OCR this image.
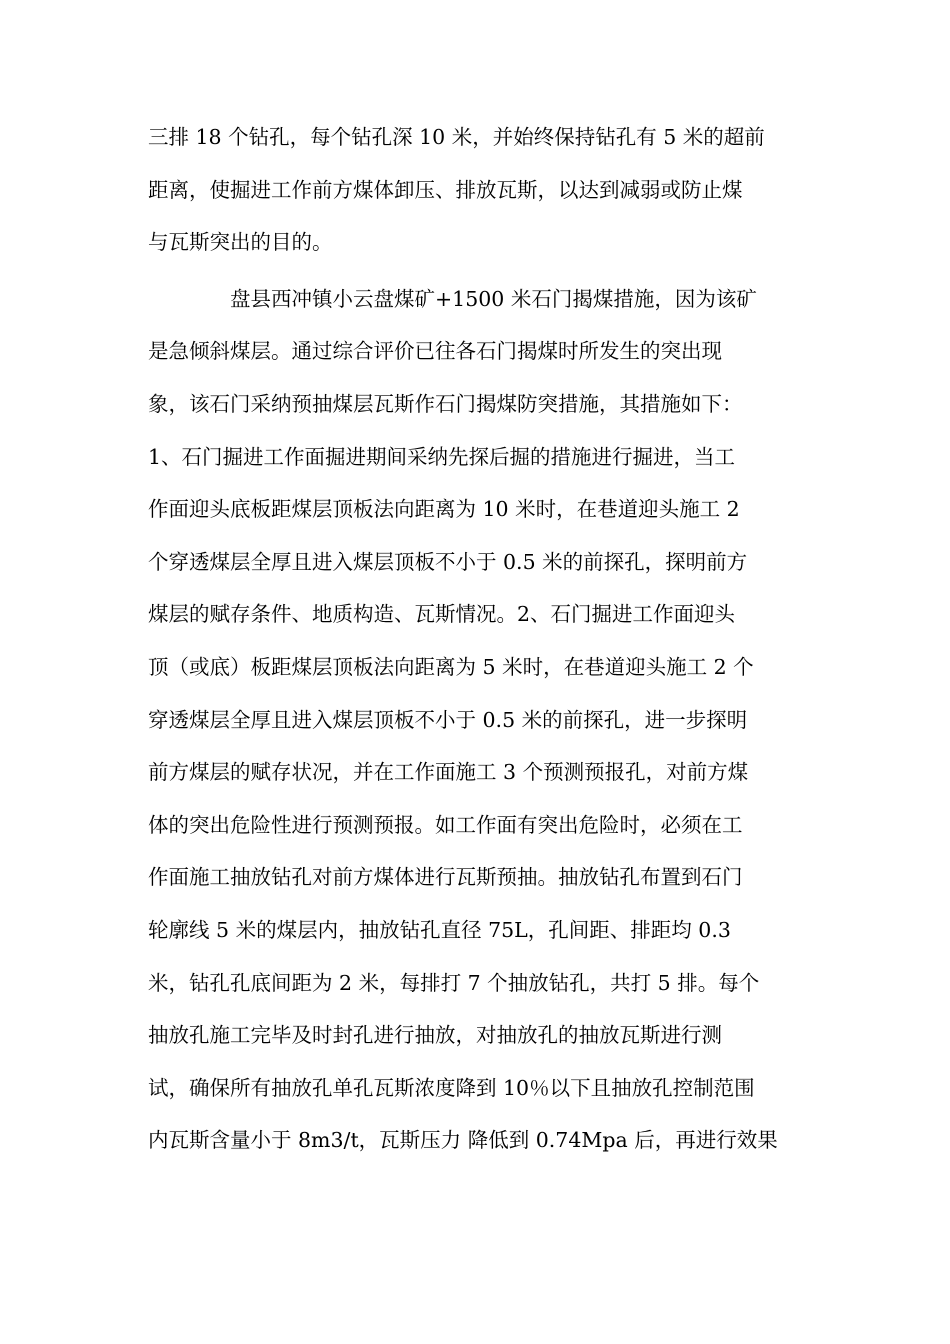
三排 18 个钻孔，每个钻孔深 10 米，并始终保持钻孔有 5 米的超前
距离，使掘进工作前方煤体卸压、排放瓦斯，以达到减弱或防止煤
与瓦斯突出的目的。
盘县西冲镇小云盘煤矿+1500 米石门揭煤措施，因为该矿
是急倾斜煤层。通过综合评价已往各石门揭煤时所发生的突出现
象，该石门采纳预抽煤层瓦斯作石门揭煤防突措施，其措施如下：
1、石门掘进工作面掘进期间采纳先探后掘的措施进行掘进，当工
作面迎头底板距煤层顶板法向距离为 10 米时，在巷道迎头施工 2
个穿透煤层全厚且进入煤层顶板不小于 0.5 米的前探孔，探明前方
煤层的赋存条件、地质构造、瓦斯情况。2、石门掘进工作面迎头
顶（或底）板距煤层顶板法向距离为 5 米时，在巷道迎头施工 2 个
穿透煤层全厚且进入煤层顶板不小于 0.5 米的前探孔，进一步探明
前方煤层的赋存状况，并在工作面施工 3 个预测预报孔，对前方煤
体的突出危险性进行预测预报。如工作面有突出危险时，必须在工
作面施工抽放钻孔对前方煤体进行瓦斯预抽。抽放钻孔布置到石门
轮廓线 5 米的煤层内，抽放钻孔直径 75L，孔间距、排距均 0.3
米，钻孔孔底间距为 2 米，每排打 7 个抽放钻孔，共打 5 排。每个
抽放孔施工完毕及时封孔进行抽放，对抽放孔的抽放瓦斯进行测
试，确保所有抽放孔单孔瓦斯浓度降到 10％以下且抽放孔控制范围
内瓦斯含量小于 8m3/t，瓦斯压力 降低到 0.74Mpa 后，再进行效果
